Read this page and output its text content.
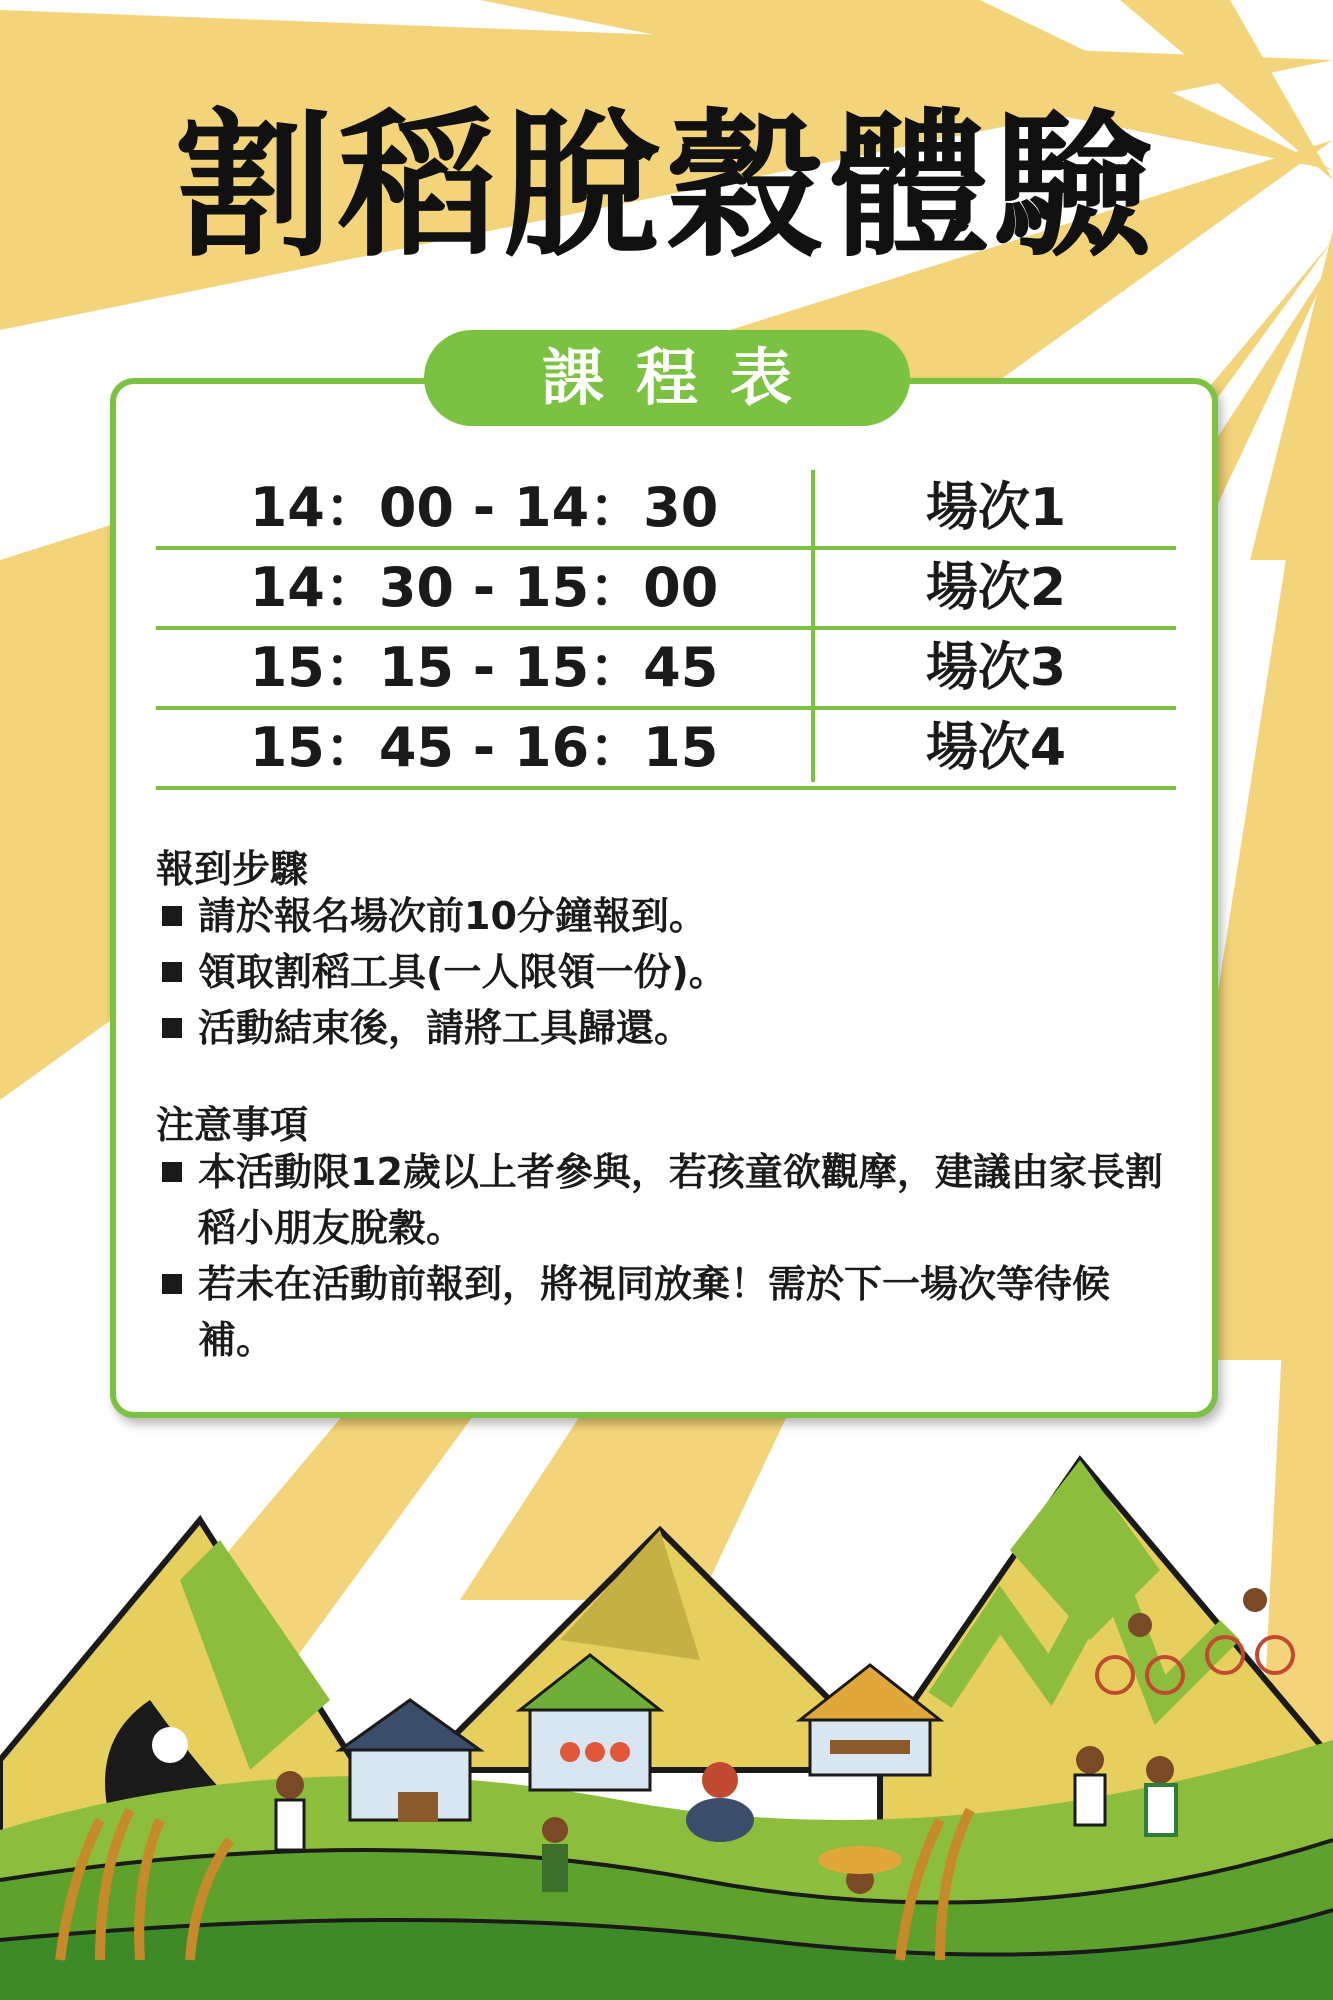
割稻脫穀體驗
課程表
14：00 - 14：30	場次1
14：30 - 15：00	場次2
15：15 - 15：45	場次3
15：45 - 16：15	場次4
報到步驟
請於報名場次前10分鐘報到。
領取割稻工具(一人限領一份)。
活動結束後，請將工具歸還。
注意事項
本活動限12歲以上者參與，若孩童欲觀摩，建議由家長割稻小朋友脫穀。
若未在活動前報到，將視同放棄！需於下一場次等待候補。
